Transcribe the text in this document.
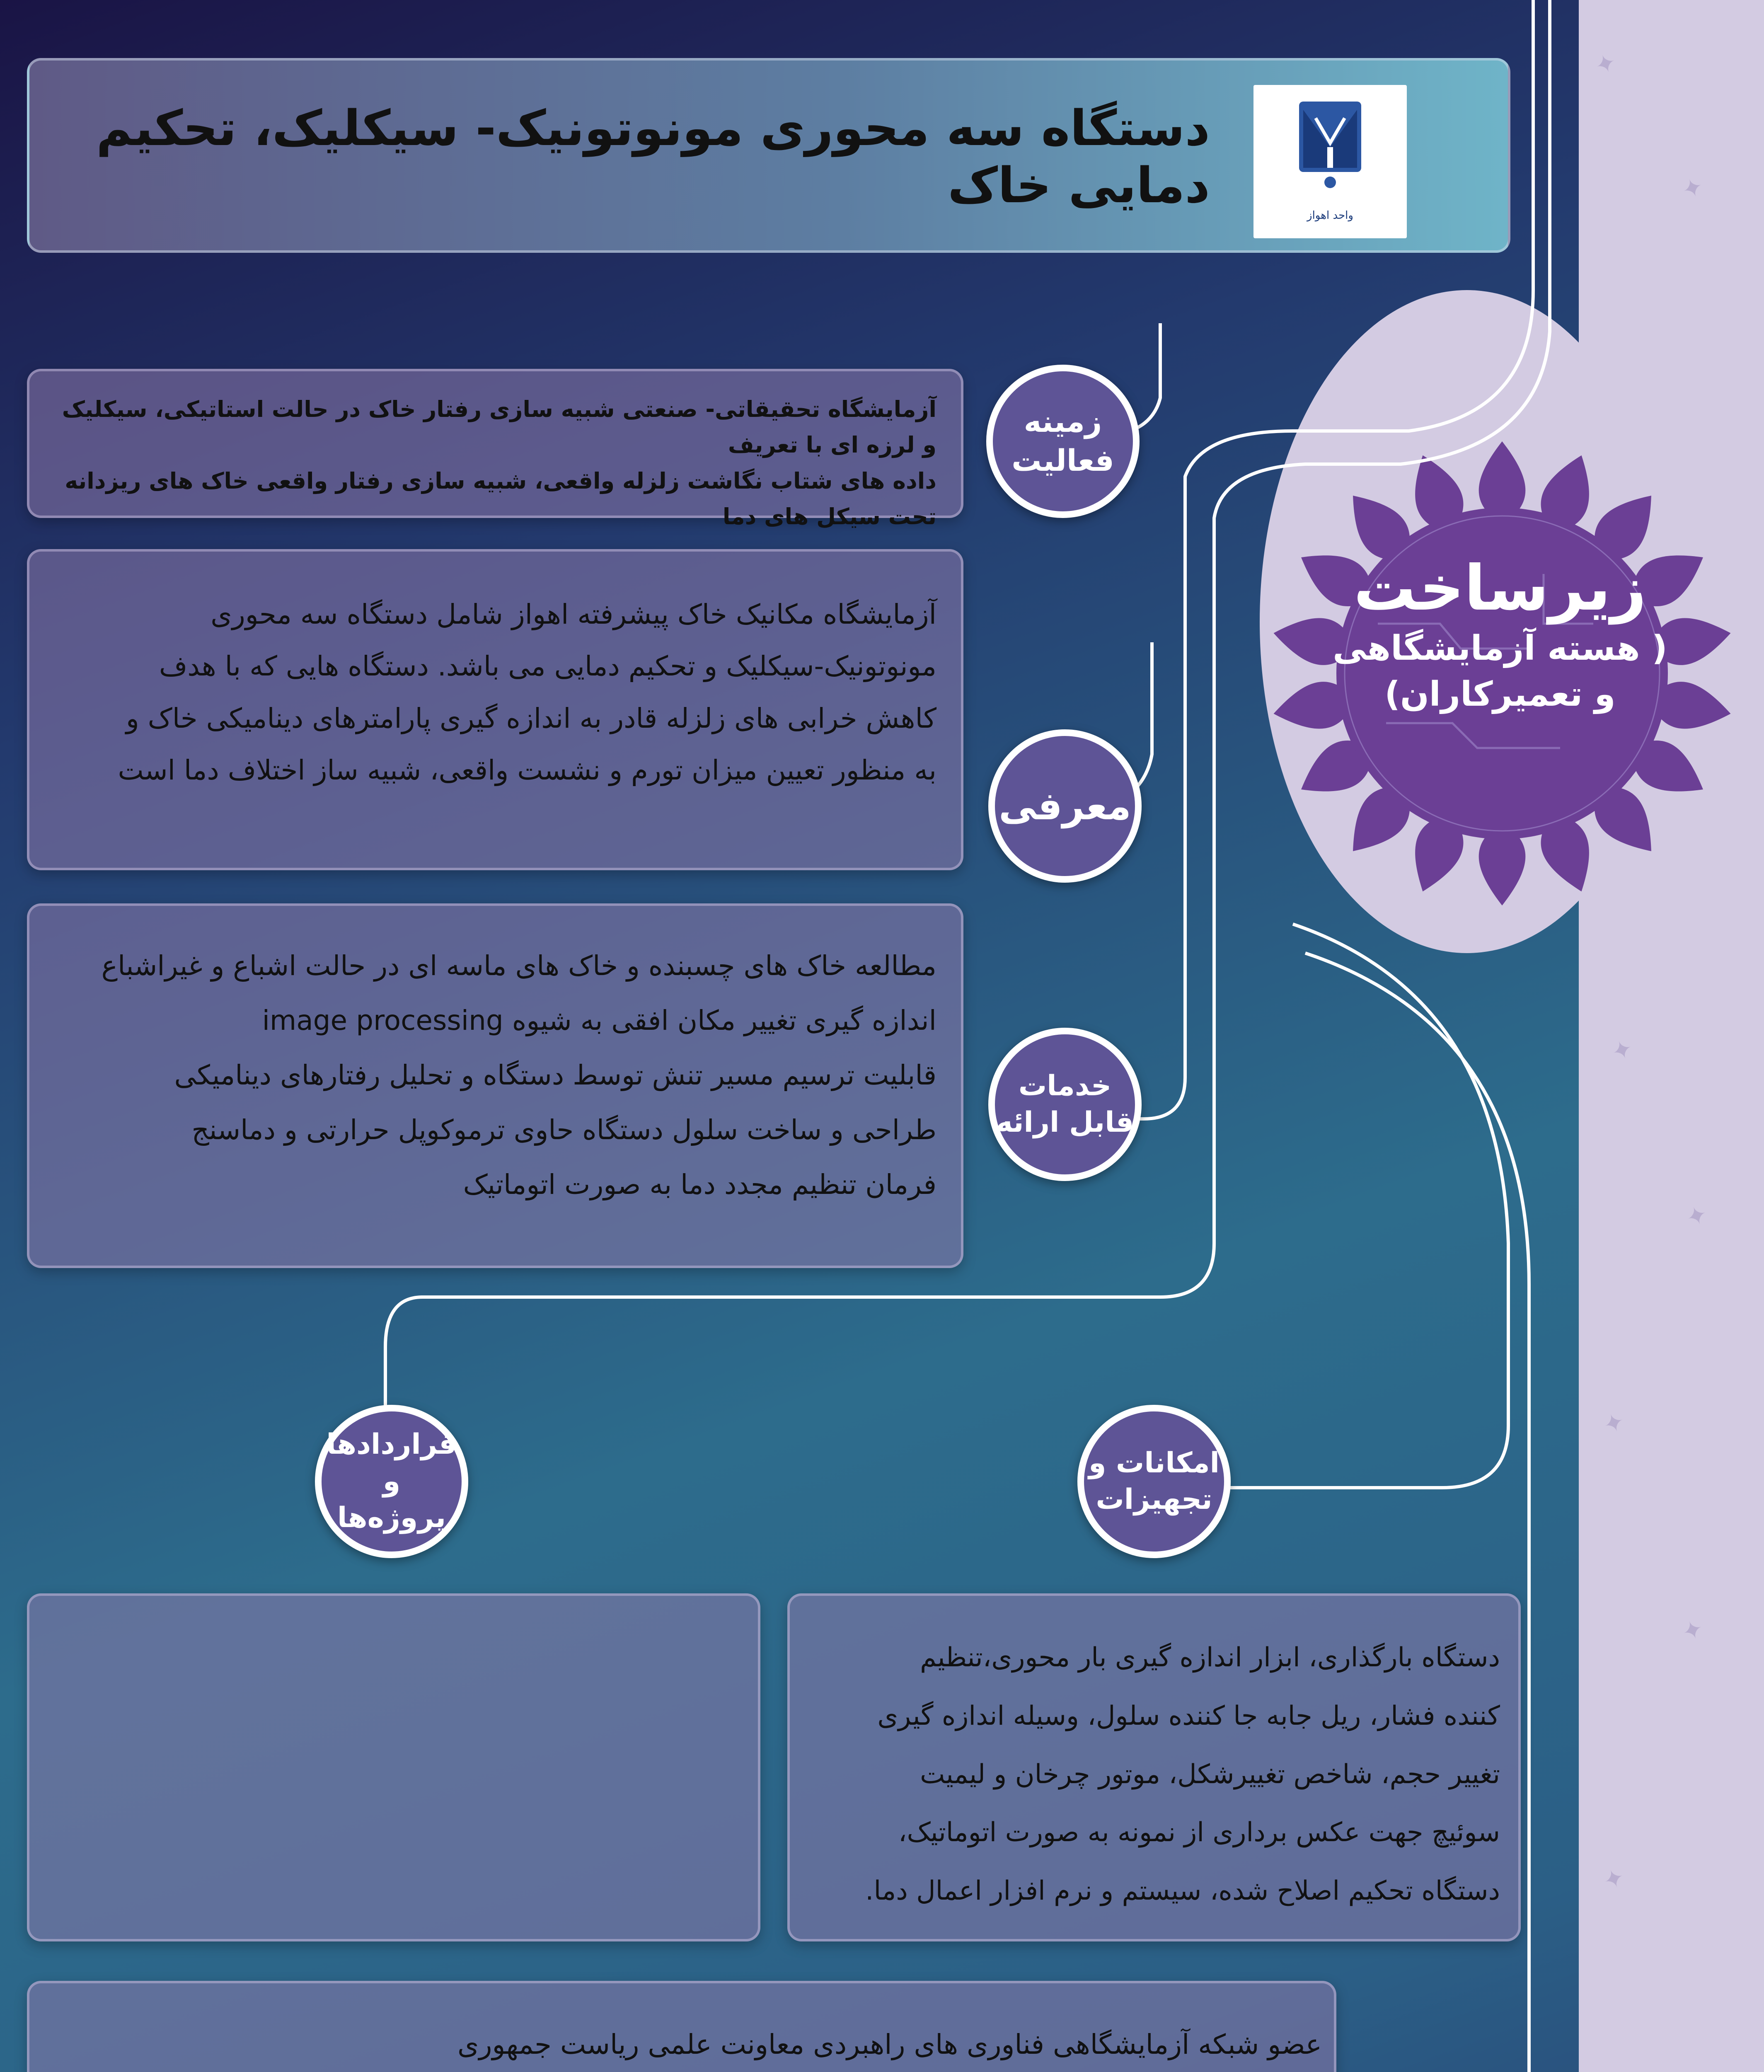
✦
✦
✦
✦
✦
✦
✦
زیرساخت
( هسته آزمایشگاهی
و تعمیرکاران)
دستگاه سه محوری مونوتونیک- سیکلیک، تحکیم دمایی خاک
واحد اهواز
آزمایشگاه تحقیقاتی- صنعتی شبیه سازی رفتار خاک در حالت استاتیکی، سیکلیک و لرزه ای با تعریف
داده های شتاب نگاشت زلزله واقعی، شبیه سازی رفتار واقعی خاک های ریزدانه تحت سیکل های دما
زمینه
فعالیت
آزمایشگاه مکانیک خاک پیشرفته اهواز شامل دستگاه سه محوری
مونوتونیک-سیکلیک و تحکیم دمایی می باشد. دستگاه هایی که با هدف
کاهش خرابی های زلزله قادر به اندازه گیری پارامترهای دینامیکی خاک و
به منظور تعیین میزان تورم و نشست واقعی، شبیه ساز اختلاف دما است
معرفی
مطالعه خاک های چسبنده و خاک های ماسه ای در حالت اشباع و غیراشباع
اندازه گیری تغییر مکان افقی به شیوه image processing
قابلیت ترسیم مسیر تنش توسط دستگاه و تحلیل رفتارهای دینامیکی
طراحی و ساخت سلول دستگاه حاوی ترموکوپل حرارتی و دماسنج
فرمان تنظیم مجدد دما به صورت اتوماتیک
خدمات
قابل ارائه
قراردادها و
پروژه‌ها
امکانات و
تجهیزات
دستگاه بارگذاری، ابزار اندازه گیری بار محوری،تنظیم
کننده فشار، ریل جابه جا کننده سلول، وسیله اندازه گیری
تغییر حجم، شاخص تغییرشکل، موتور چرخان و لیمیت
سوئیچ جهت عکس برداری از نمونه به صورت اتوماتیک،
دستگاه تحکیم اصلاح شده، سیستم و نرم افزار اعمال دما.
عضو شبکه آزمایشگاهی فناوری های راهبردی معاونت علمی ریاست جمهوری
